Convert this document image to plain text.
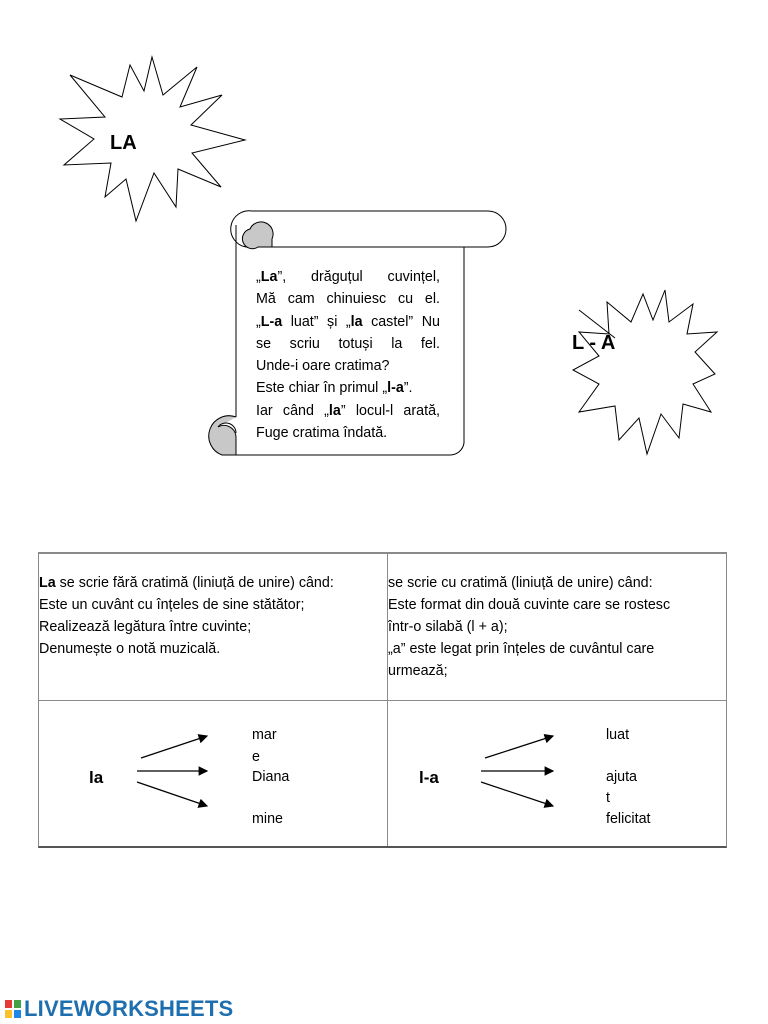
LA
L - A
„La”, drăguțul cuvințel,
Mă cam chinuiesc cu el.
„L-a luat” și „la castel” Nu
se scriu totuși la fel.
Unde-i oare cratima?
Este chiar în primul „l-a”.
Iar când „la” locul-l arată,
Fuge cratima îndată.
La se scrie fără cratimă (liniuță de unire) când:
Este un cuvânt cu înțeles de sine stătător;
Realizează legătura între cuvinte;
Denumește o notă muzicală.
se scrie cu cratimă (liniuță de unire) când:
Este format din două cuvinte care se rostesc
într-o silabă (l + a);
„a” este legat prin înțeles de cuvântul care
urmează;
la
mar
e
Diana
mine
l-a
luat
ajuta
t
felicitat
LIVEWORKSHEETS
